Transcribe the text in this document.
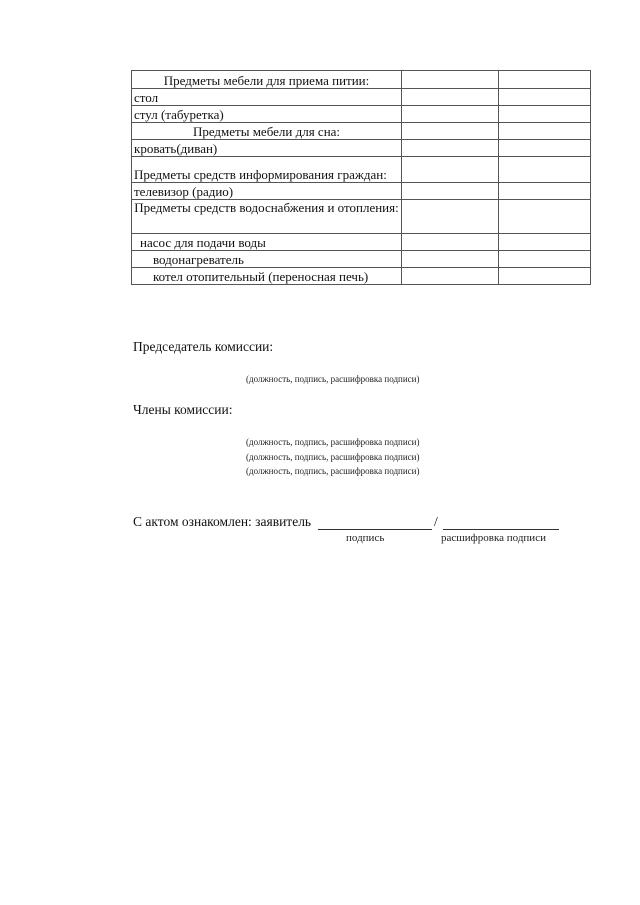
Предметы мебели для приема питии:		
стол		
стул (табуретка)		
Предметы мебели для сна:		
кровать(диван)		
Предметы средств информирования граждан:		
телевизор (радио)		
Предметы средств водоснабжения и отопления:		
насос для подачи воды		
водонагреватель		
котел отопительный (переносная печь)		
Председатель комиссии:
(должность, подпись, расшифровка подписи)
Члены комиссии:
(должность, подпись, расшифровка подписи)
(должность, подпись, расшифровка подписи)
(должность, подпись, расшифровка подписи)
С актом ознакомлен: заявитель	/
подпись	расшифровка подписи
